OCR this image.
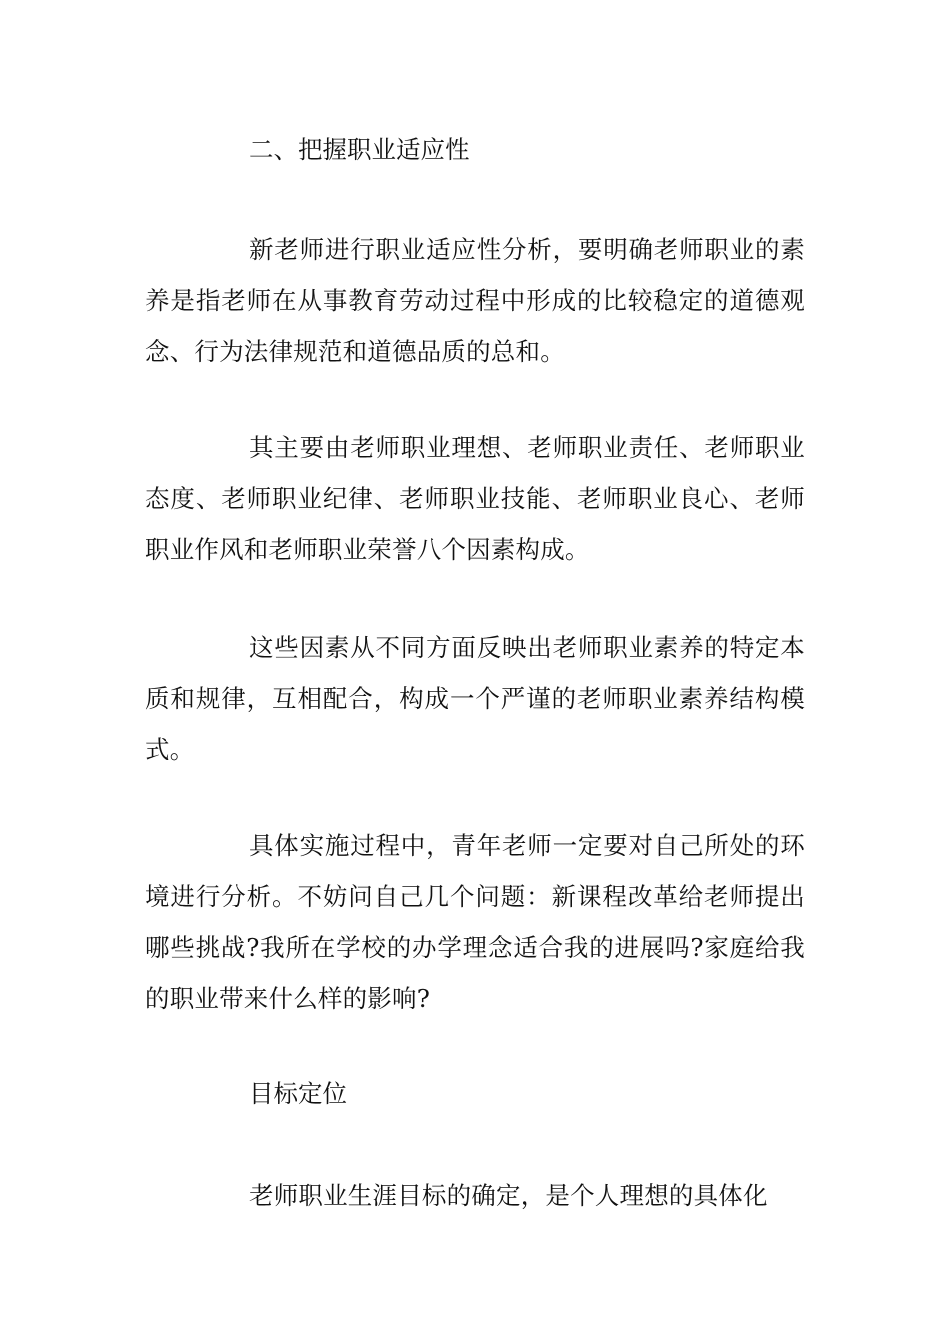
二、把握职业适应性

新老师进行职业适应性分析，要明确老师职业的素养是指老师在从事教育劳动过程中形成的比较稳定的道德观念、行为法律规范和道德品质的总和。

其主要由老师职业理想、老师职业责任、老师职业态度、老师职业纪律、老师职业技能、老师职业良心、老师职业作风和老师职业荣誉八个因素构成。

这些因素从不同方面反映出老师职业素养的特定本质和规律，互相配合，构成一个严谨的老师职业素养结构模式。

具体实施过程中，青年老师一定要对自己所处的环境进行分析。不妨问自己几个问题：新课程改革给老师提出哪些挑战?我所在学校的办学理念适合我的进展吗?家庭给我的职业带来什么样的影响?

目标定位

老师职业生涯目标的确定，是个人理想的具体化
